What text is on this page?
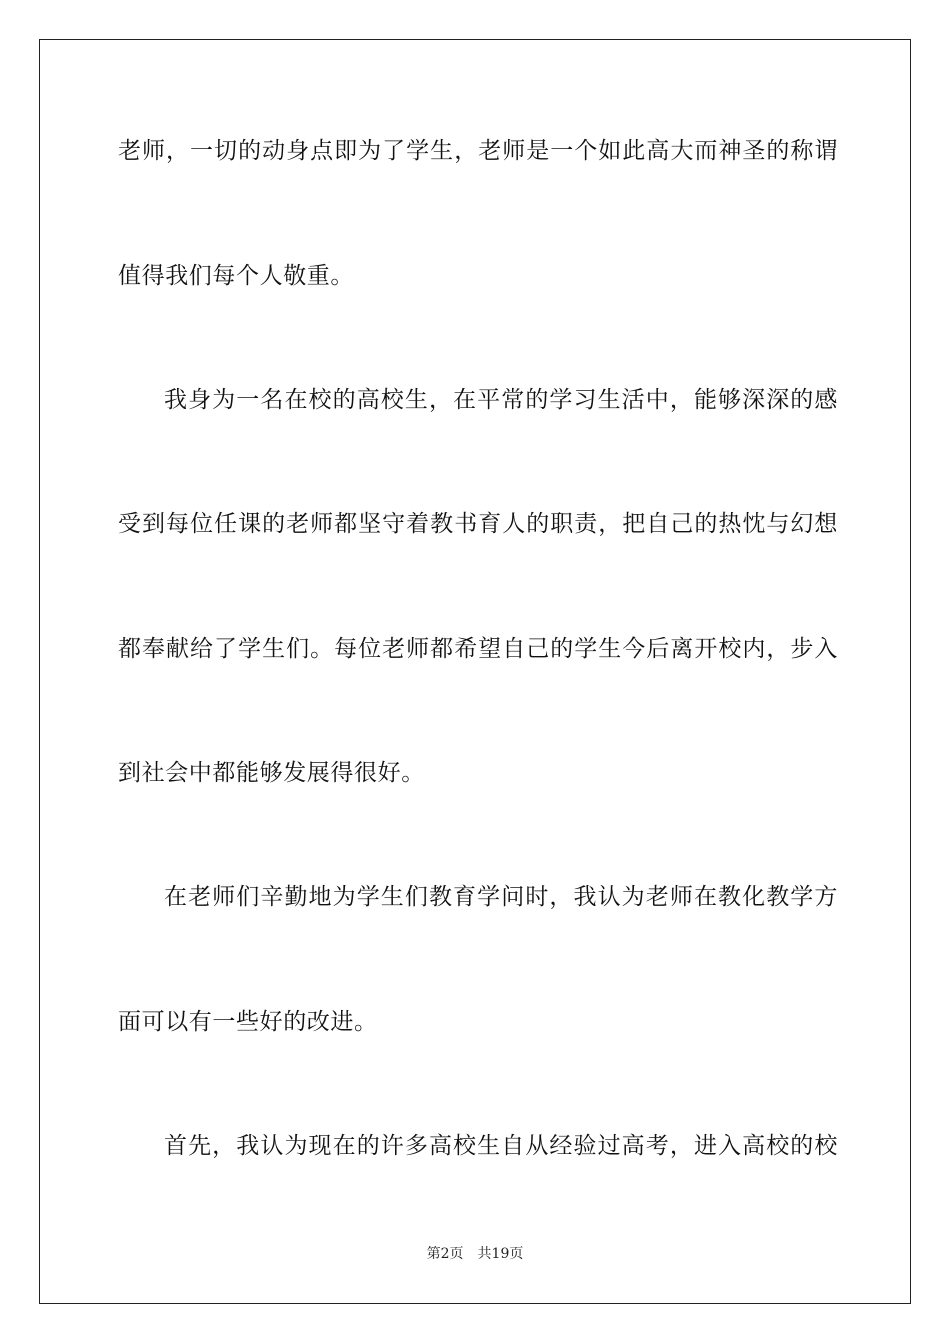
老师，一切的动身点即为了学生，老师是一个如此高大而神圣的称谓
值得我们每个人敬重。
我身为一名在校的高校生，在平常的学习生活中，能够深深的感
受到每位任课的老师都坚守着教书育人的职责，把自己的热忱与幻想
都奉献给了学生们。每位老师都希望自己的学生今后离开校内，步入
到社会中都能够发展得很好。
在老师们辛勤地为学生们教育学问时，我认为老师在教化教学方
面可以有一些好的改进。
首先，我认为现在的许多高校生自从经验过高考，进入高校的校
第2页 共19页
